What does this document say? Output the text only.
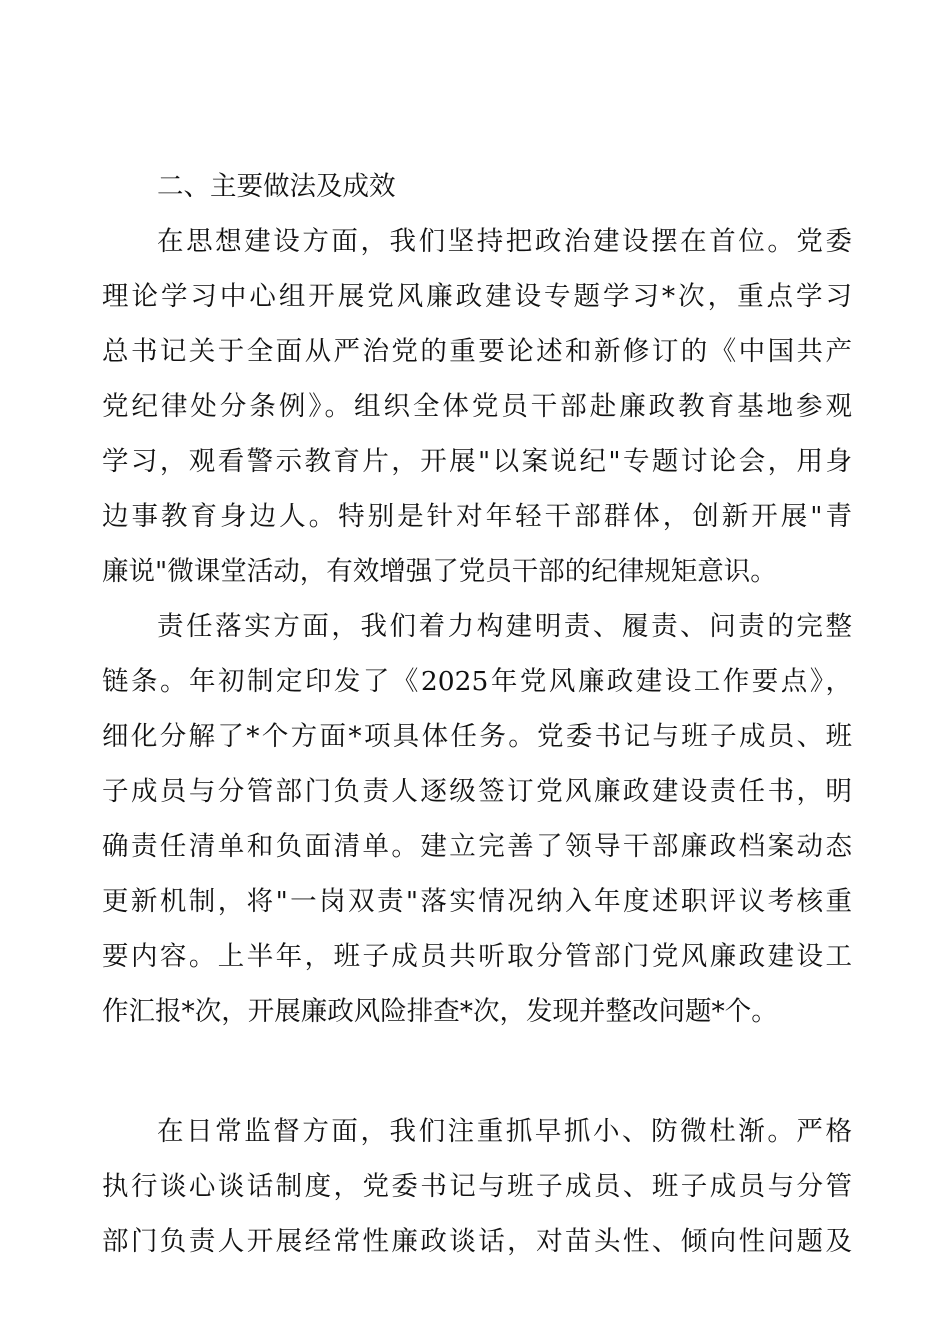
二、主要做法及成效
在思想建设方面，我们坚持把政治建设摆在首位。党委
理论学习中心组开展党风廉政建设专题学习*次，重点学习
总书记关于全面从严治党的重要论述和新修订的《中国共产
党纪律处分条例》。组织全体党员干部赴廉政教育基地参观
学习，观看警示教育片，开展"以案说纪"专题讨论会，用身
边事教育身边人。特别是针对年轻干部群体，创新开展"青
廉说"微课堂活动，有效增强了党员干部的纪律规矩意识。
责任落实方面，我们着力构建明责、履责、问责的完整
链条。年初制定印发了《2025年党风廉政建设工作要点》，
细化分解了*个方面*项具体任务。党委书记与班子成员、班
子成员与分管部门负责人逐级签订党风廉政建设责任书，明
确责任清单和负面清单。建立完善了领导干部廉政档案动态
更新机制，将"一岗双责"落实情况纳入年度述职评议考核重
要内容。上半年，班子成员共听取分管部门党风廉政建设工
作汇报*次，开展廉政风险排查*次，发现并整改问题*个。
在日常监督方面，我们注重抓早抓小、防微杜渐。严格
执行谈心谈话制度，党委书记与班子成员、班子成员与分管
部门负责人开展经常性廉政谈话，对苗头性、倾向性问题及
